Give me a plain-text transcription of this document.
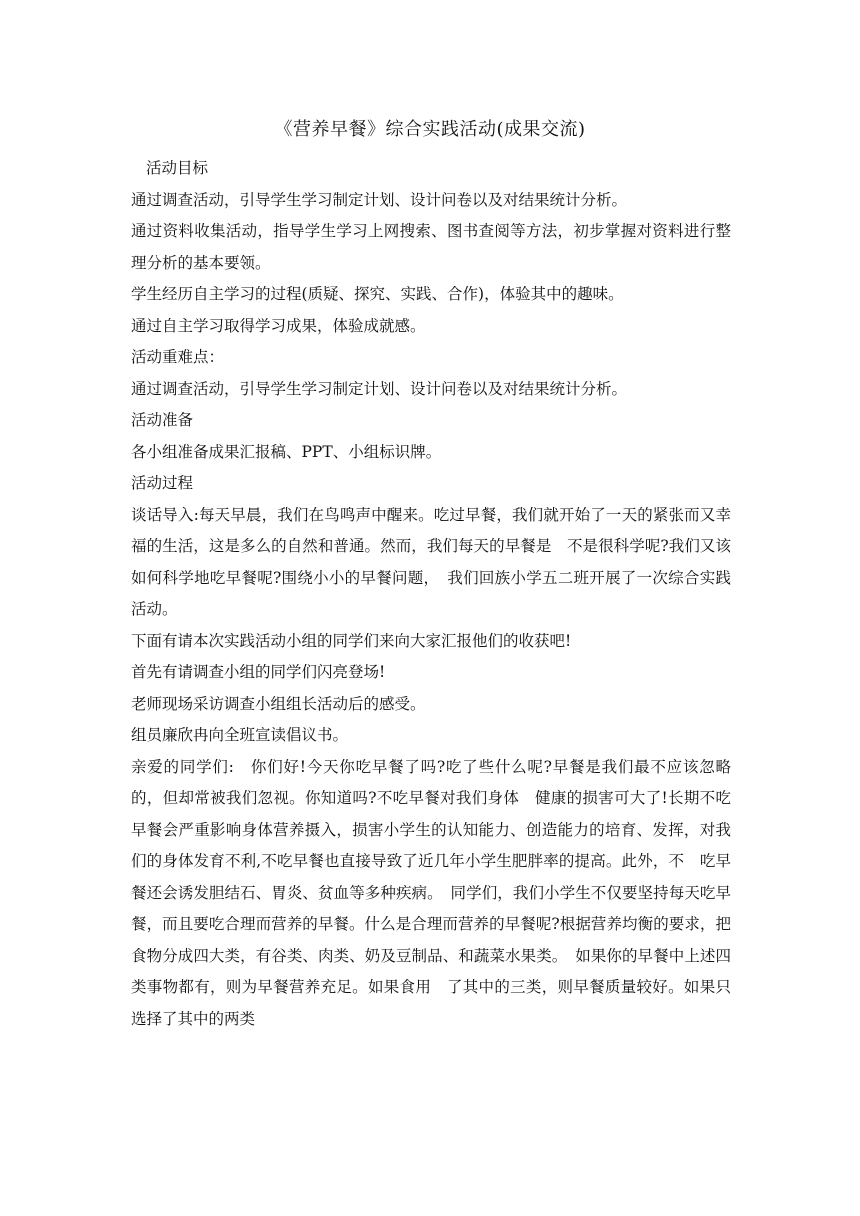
《营养早餐》综合实践活动(成果交流)

活动目标

通过调查活动，引导学生学习制定计划、设计问卷以及对结果统计分析。

通过资料收集活动，指导学生学习上网搜索、图书查阅等方法，初步掌握对资料进行整理分析的基本要领。

学生经历自主学习的过程(质疑、探究、实践、合作)，体验其中的趣味。

通过自主学习取得学习成果，体验成就感。

活动重难点：

通过调查活动，引导学生学习制定计划、设计问卷以及对结果统计分析。

活动准备

各小组准备成果汇报稿、PPT、小组标识牌。

活动过程

谈话导入:每天早晨，我们在鸟鸣声中醒来。吃过早餐，我们就开始了一天的紧张而又幸福的生活，这是多么的自然和普通。然而，我们每天的早餐是　不是很科学呢?我们又该如何科学地吃早餐呢?围绕小小的早餐问题，　我们回族小学五二班开展了一次综合实践活动。

下面有请本次实践活动小组的同学们来向大家汇报他们的收获吧!

首先有请调查小组的同学们闪亮登场!

老师现场采访调查小组组长活动后的感受。

组员廉欣冉向全班宣读倡议书。

亲爱的同学们:　你们好!今天你吃早餐了吗?吃了些什么呢?早餐是我们最不应该忽略的，但却常被我们忽视。你知道吗?不吃早餐对我们身体　健康的损害可大了!长期不吃早餐会严重影响身体营养摄入，损害小学生的认知能力、创造能力的培育、发挥，对我们的身体发育不利,不吃早餐也直接导致了近几年小学生肥胖率的提高。此外，不　吃早餐还会诱发胆结石、胃炎、贫血等多种疾病。　同学们，我们小学生不仅要坚持每天吃早餐，而且要吃合理而营养的早餐。什么是合理而营养的早餐呢?根据营养均衡的要求，把食物分成四大类，有谷类、肉类、奶及豆制品、和蔬菜水果类。　如果你的早餐中上述四类事物都有，则为早餐营养充足。如果食用　了其中的三类，则早餐质量较好。如果只选择了其中的两类
